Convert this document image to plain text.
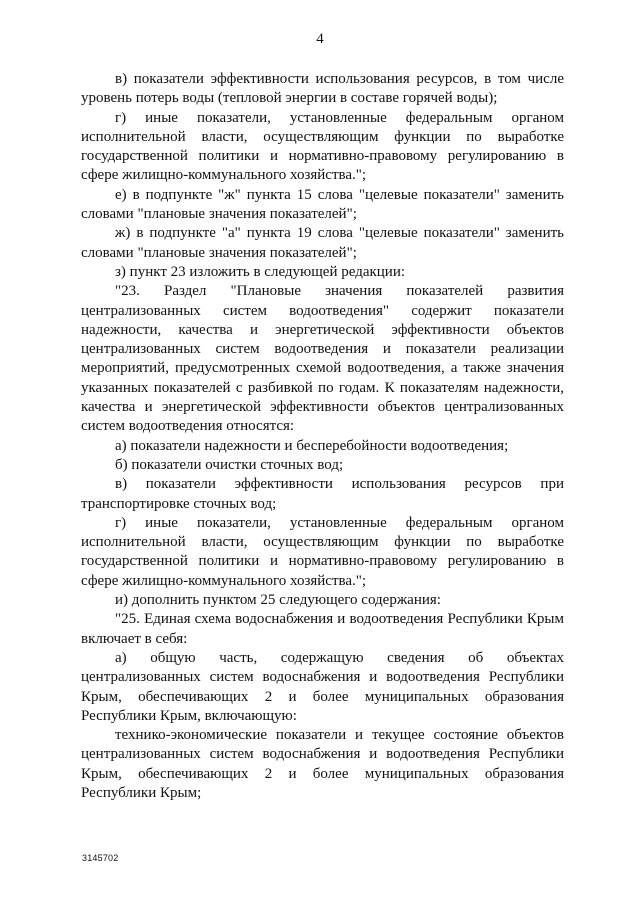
4

в) показатели эффективности использования ресурсов, в том числе уровень потерь воды (тепловой энергии в составе горячей воды);

г) иные показатели, установленные федеральным органом исполнительной власти, осуществляющим функции по выработке государственной политики и нормативно-правовому регулированию в сфере жилищно-коммунального хозяйства.";

е) в подпункте "ж" пункта 15 слова "целевые показатели" заменить словами "плановые значения показателей";

ж) в подпункте "а" пункта 19 слова "целевые показатели" заменить словами "плановые значения показателей";

з) пункт 23 изложить в следующей редакции:

"23. Раздел "Плановые значения показателей развития централизованных систем водоотведения" содержит показатели надежности, качества и энергетической эффективности объектов централизованных систем водоотведения и показатели реализации мероприятий, предусмотренных схемой водоотведения, а также значения указанных показателей с разбивкой по годам. К показателям надежности, качества и энергетической эффективности объектов централизованных систем водоотведения относятся:

а) показатели надежности и бесперебойности водоотведения;

б) показатели очистки сточных вод;

в) показатели эффективности использования ресурсов при транспортировке сточных вод;

г) иные показатели, установленные федеральным органом исполнительной власти, осуществляющим функции по выработке государственной политики и нормативно-правовому регулированию в сфере жилищно-коммунального хозяйства.";

и) дополнить пунктом 25 следующего содержания:

"25. Единая схема водоснабжения и водоотведения Республики Крым включает в себя:

а) общую часть, содержащую сведения об объектах централизованных систем водоснабжения и водоотведения Республики Крым, обеспечивающих 2 и более муниципальных образования Республики Крым, включающую:

технико-экономические показатели и текущее состояние объектов централизованных систем водоснабжения и водоотведения Республики Крым, обеспечивающих 2 и более муниципальных образования Республики Крым;

3145702
